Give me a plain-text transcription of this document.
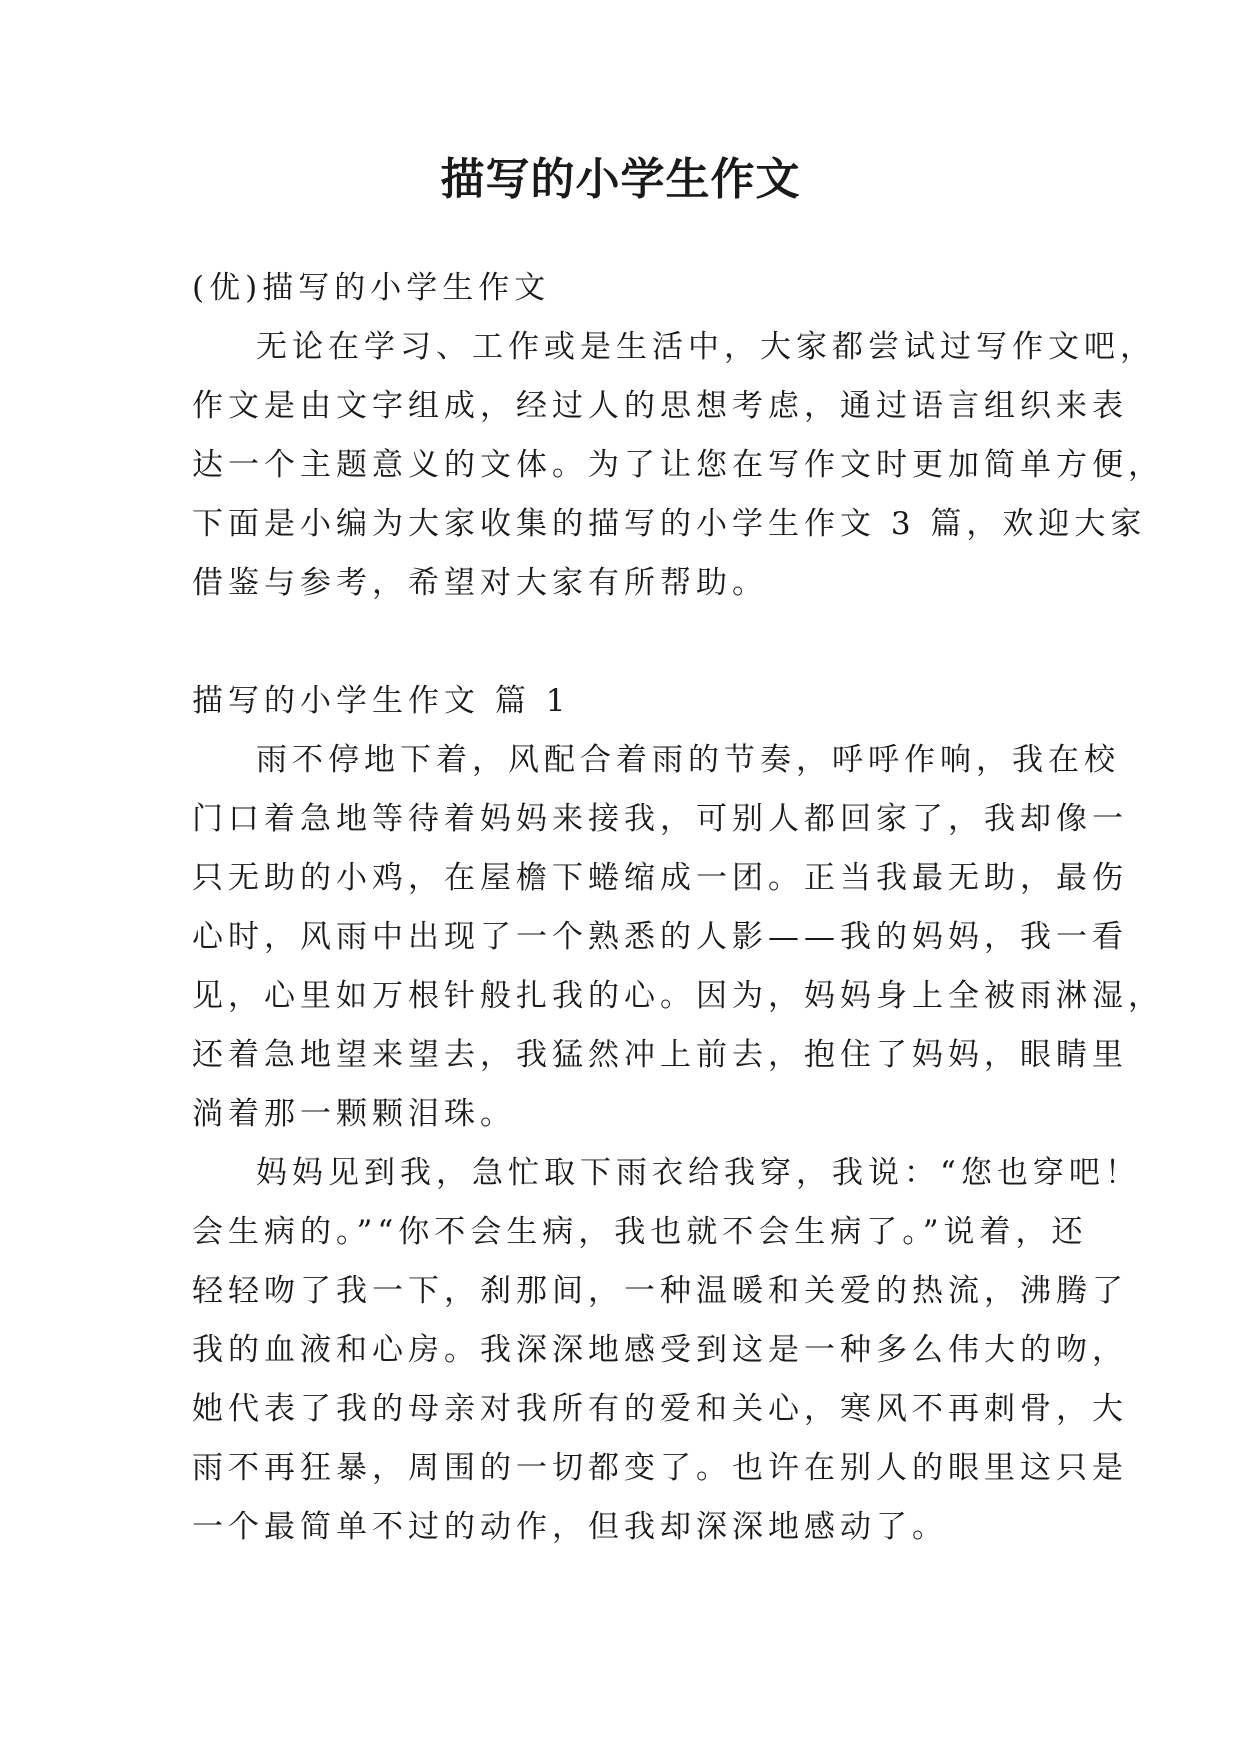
描写的小学生作文
(优)描写的小学生作文
无论在学习、工作或是生活中，大家都尝试过写作文吧，
作文是由文字组成，经过人的思想考虑，通过语言组织来表
达一个主题意义的文体。为了让您在写作文时更加简单方便，
下面是小编为大家收集的描写的小学生作文 3 篇，欢迎大家
借鉴与参考，希望对大家有所帮助。
描写的小学生作文 篇 1
雨不停地下着，风配合着雨的节奏，呼呼作响，我在校
门口着急地等待着妈妈来接我，可别人都回家了，我却像一
只无助的小鸡，在屋檐下蜷缩成一团。正当我最无助，最伤
心时，风雨中出现了一个熟悉的人影——我的妈妈，我一看
见，心里如万根针般扎我的心。因为，妈妈身上全被雨淋湿，
还着急地望来望去，我猛然冲上前去，抱住了妈妈，眼睛里
淌着那一颗颗泪珠。
妈妈见到我，急忙取下雨衣给我穿，我说：“您也穿吧！
会生病的。”“你不会生病，我也就不会生病了。”说着，还
轻轻吻了我一下，刹那间，一种温暖和关爱的热流，沸腾了
我的血液和心房。我深深地感受到这是一种多么伟大的吻，
她代表了我的母亲对我所有的爱和关心，寒风不再刺骨，大
雨不再狂暴，周围的一切都变了。也许在别人的眼里这只是
一个最简单不过的动作，但我却深深地感动了。
